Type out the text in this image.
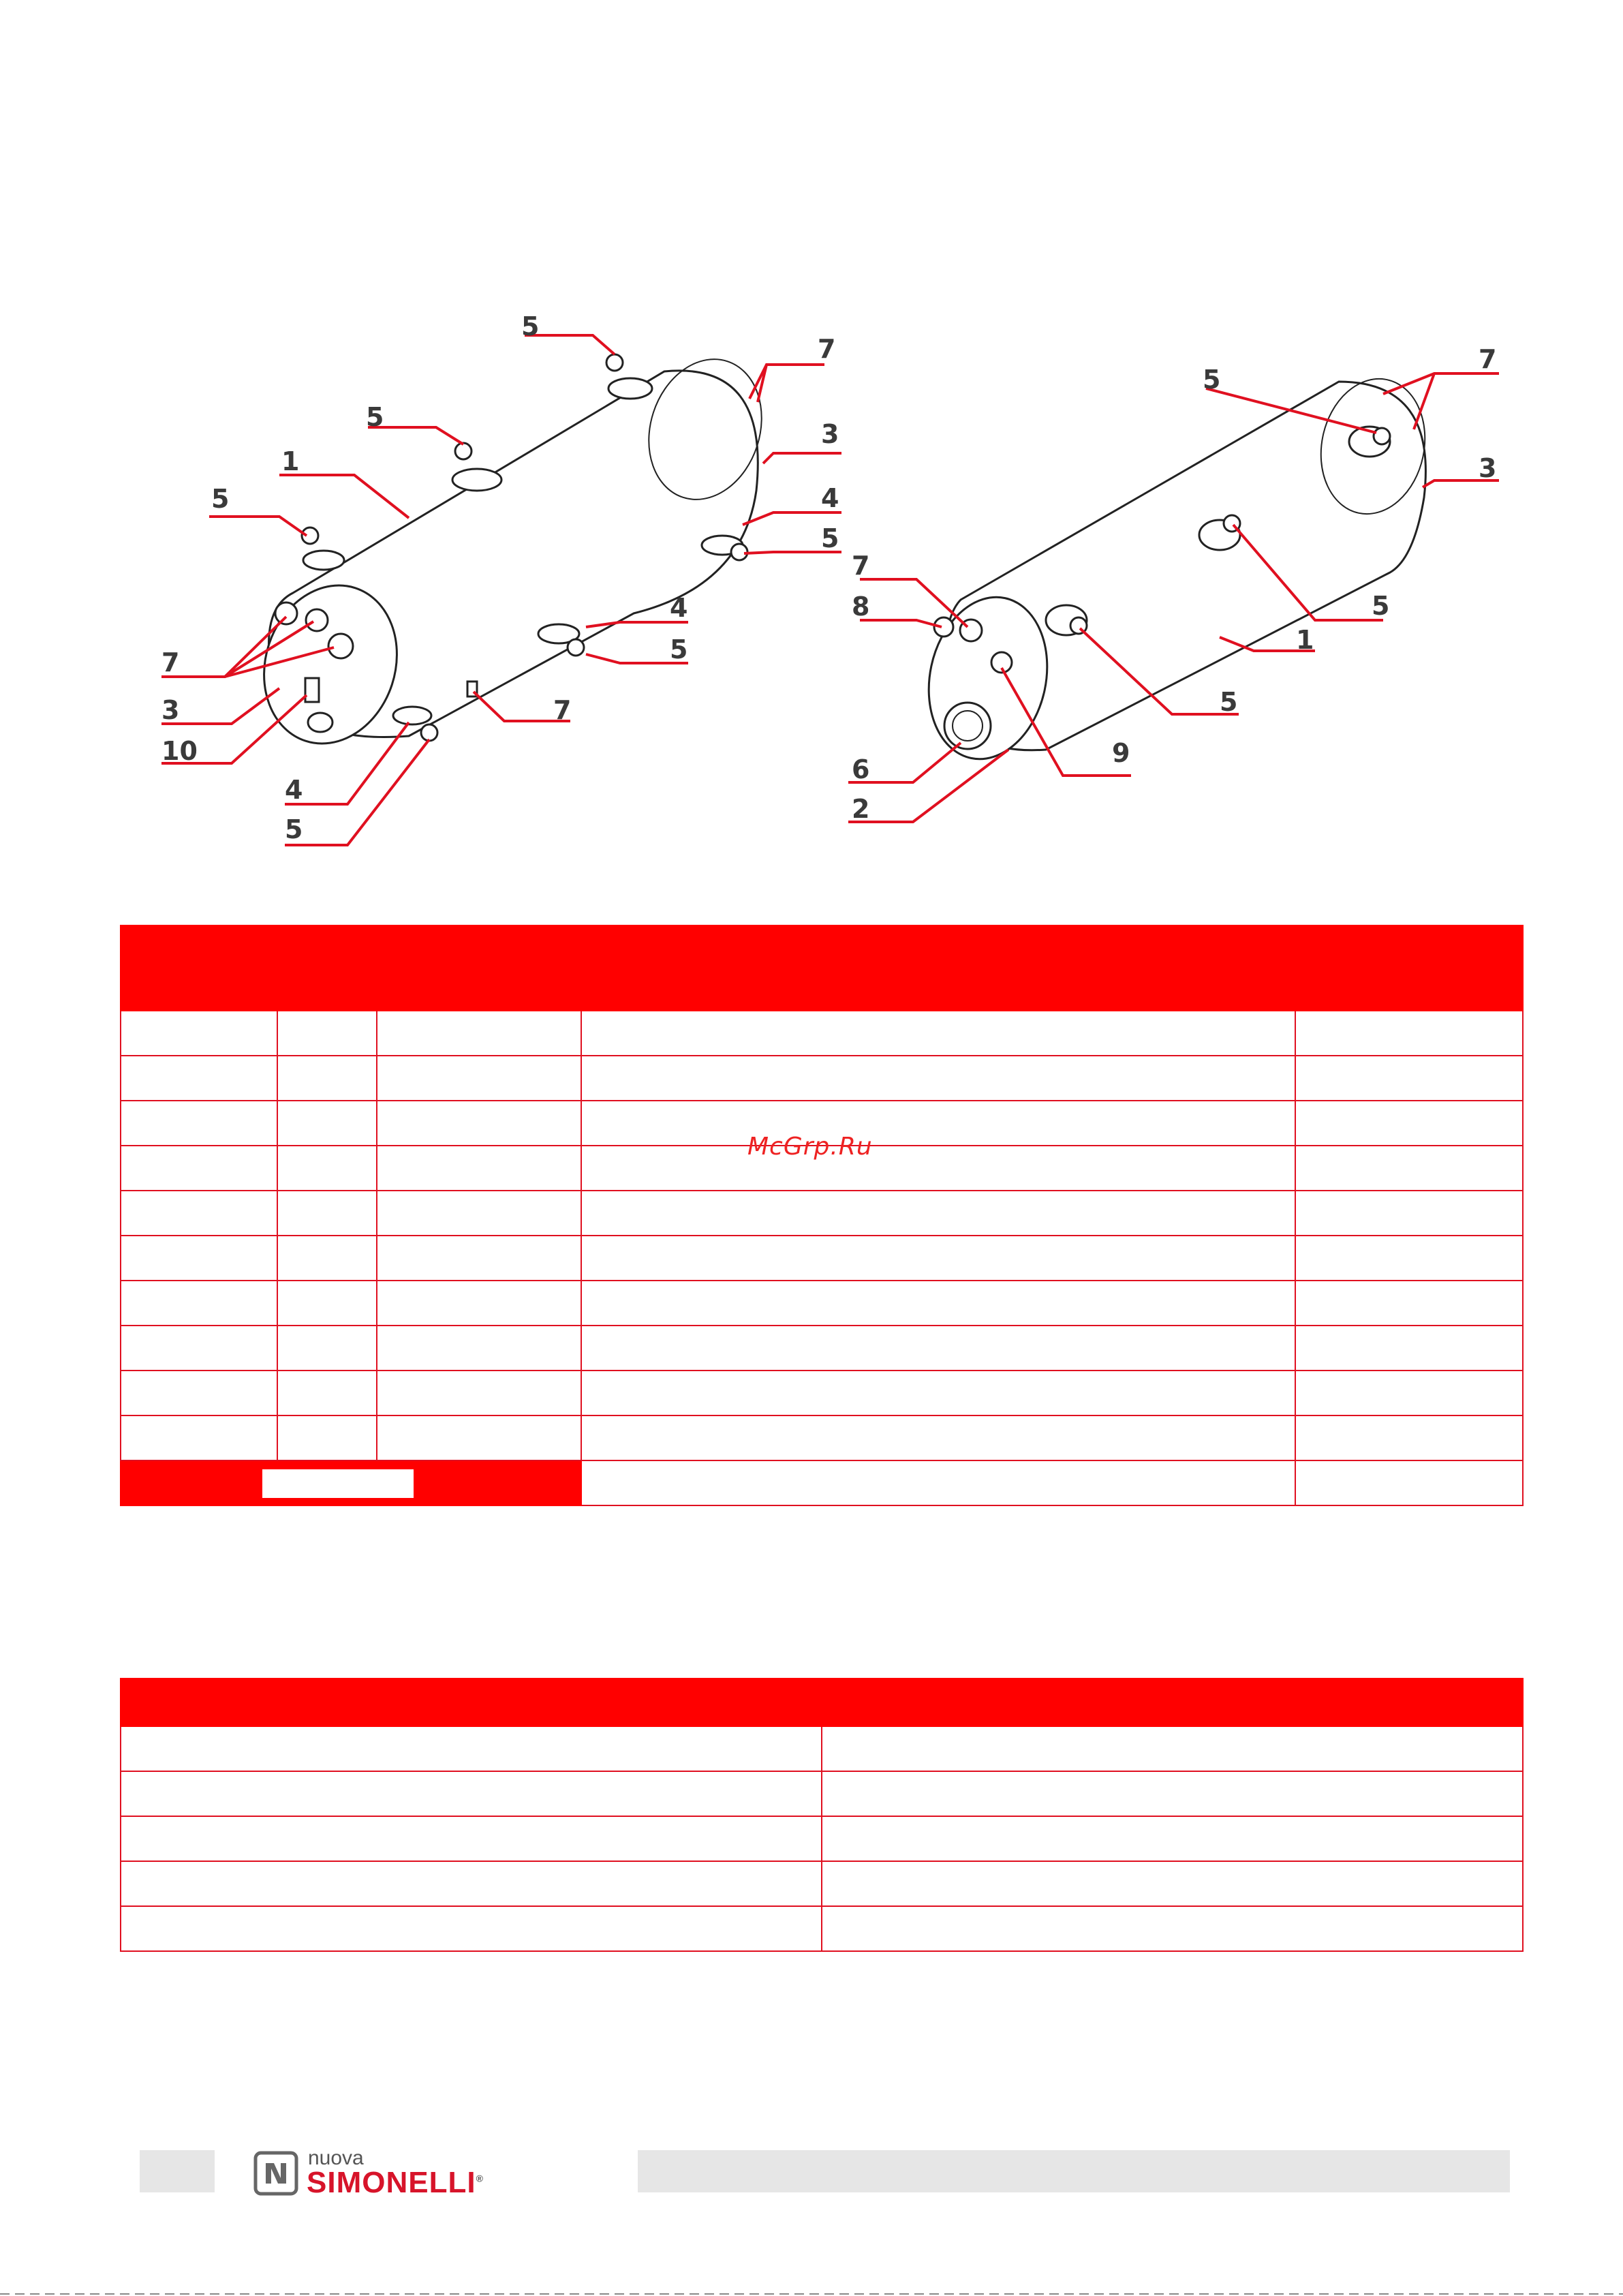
5
5
1
5
7
3
4
5
4
5
7
7
3
10
4
5
5
7
3
7
8
6
2
9
5
5
1

McGrp.Ru

nuova
SIMONELLI®
